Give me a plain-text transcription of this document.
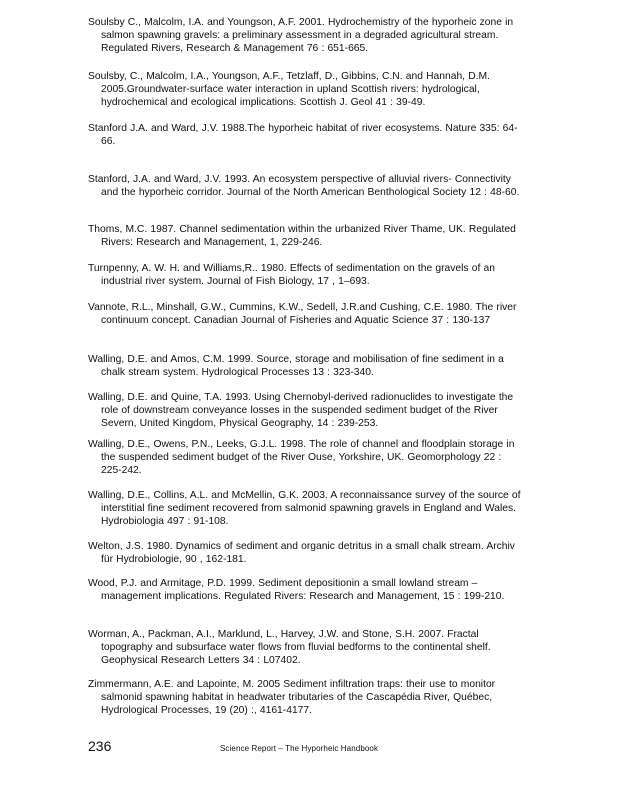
Soulsby C., Malcolm, I.A. and Youngson, A.F. 2001. Hydrochemistry of the hyporheic zone in salmon spawning gravels: a preliminary assessment in a degraded agricultural stream. Regulated Rivers, Research & Management 76 : 651-665.

Soulsby, C., Malcolm, I.A., Youngson, A.F., Tetzlaff, D., Gibbins, C.N. and Hannah, D.M. 2005.Groundwater-surface water interaction in upland Scottish rivers: hydrological, hydrochemical and ecological implications. Scottish J. Geol 41 : 39-49.

Stanford J.A. and Ward, J.V. 1988.The hyporheic habitat of river ecosystems. Nature 335: 64-66.

Stanford, J.A. and Ward, J.V. 1993. An ecosystem perspective of alluvial rivers- Connectivity and the hyporheic corridor. Journal of the North American Benthological Society 12 : 48-60.

Thoms, M.C. 1987. Channel sedimentation within the urbanized River Thame, UK. Regulated Rivers: Research and Management, 1, 229-246.

Turnpenny, A. W. H. and Williams,R.. 1980. Effects of sedimentation on the gravels of an industrial river system. Journal of Fish Biology, 17 , 1–693.

Vannote, R.L., Minshall, G.W., Cummins, K.W., Sedell, J.R.and Cushing, C.E. 1980. The river continuum concept. Canadian Journal of Fisheries and Aquatic Science 37 : 130-137

Walling, D.E. and Amos, C.M. 1999. Source, storage and mobilisation of fine sediment in a chalk stream system. Hydrological Processes 13 : 323-340.

Walling, D.E. and Quine, T.A. 1993. Using Chernobyl-derived radionuclides to investigate the role of downstream conveyance losses in the suspended sediment budget of the River Severn, United Kingdom, Physical Geography, 14 : 239-253.

Walling, D.E., Owens, P.N., Leeks, G.J.L. 1998. The role of channel and floodplain storage in the suspended sediment budget of the River Ouse, Yorkshire, UK. Geomorphology 22 : 225-242.

Walling, D.E., Collins, A.L. and McMellin, G.K. 2003. A reconnaissance survey of the source of interstitial fine sediment recovered from salmonid spawning gravels in England and Wales. Hydrobiologia 497 : 91-108.

Welton, J.S. 1980. Dynamics of sediment and organic detritus in a small chalk stream. Archiv für Hydrobiologie, 90 , 162-181.

Wood, P.J. and Armitage, P.D. 1999. Sediment depositionin a small lowland stream – management implications. Regulated Rivers: Research and Management, 15 : 199-210.

Worman, A., Packman, A.I., Marklund, L., Harvey, J.W. and Stone, S.H. 2007. Fractal topography and subsurface water flows from fluvial bedforms to the continental shelf. Geophysical Research Letters 34 : L07402.

Zimmermann, A.E. and Lapointe, M. 2005 Sediment infiltration traps: their use to monitor salmonid spawning habitat in headwater tributaries of the Cascapédia River, Québec, Hydrological Processes, 19 (20) :, 4161-4177.

236	Science Report – The Hyporheic Handbook
